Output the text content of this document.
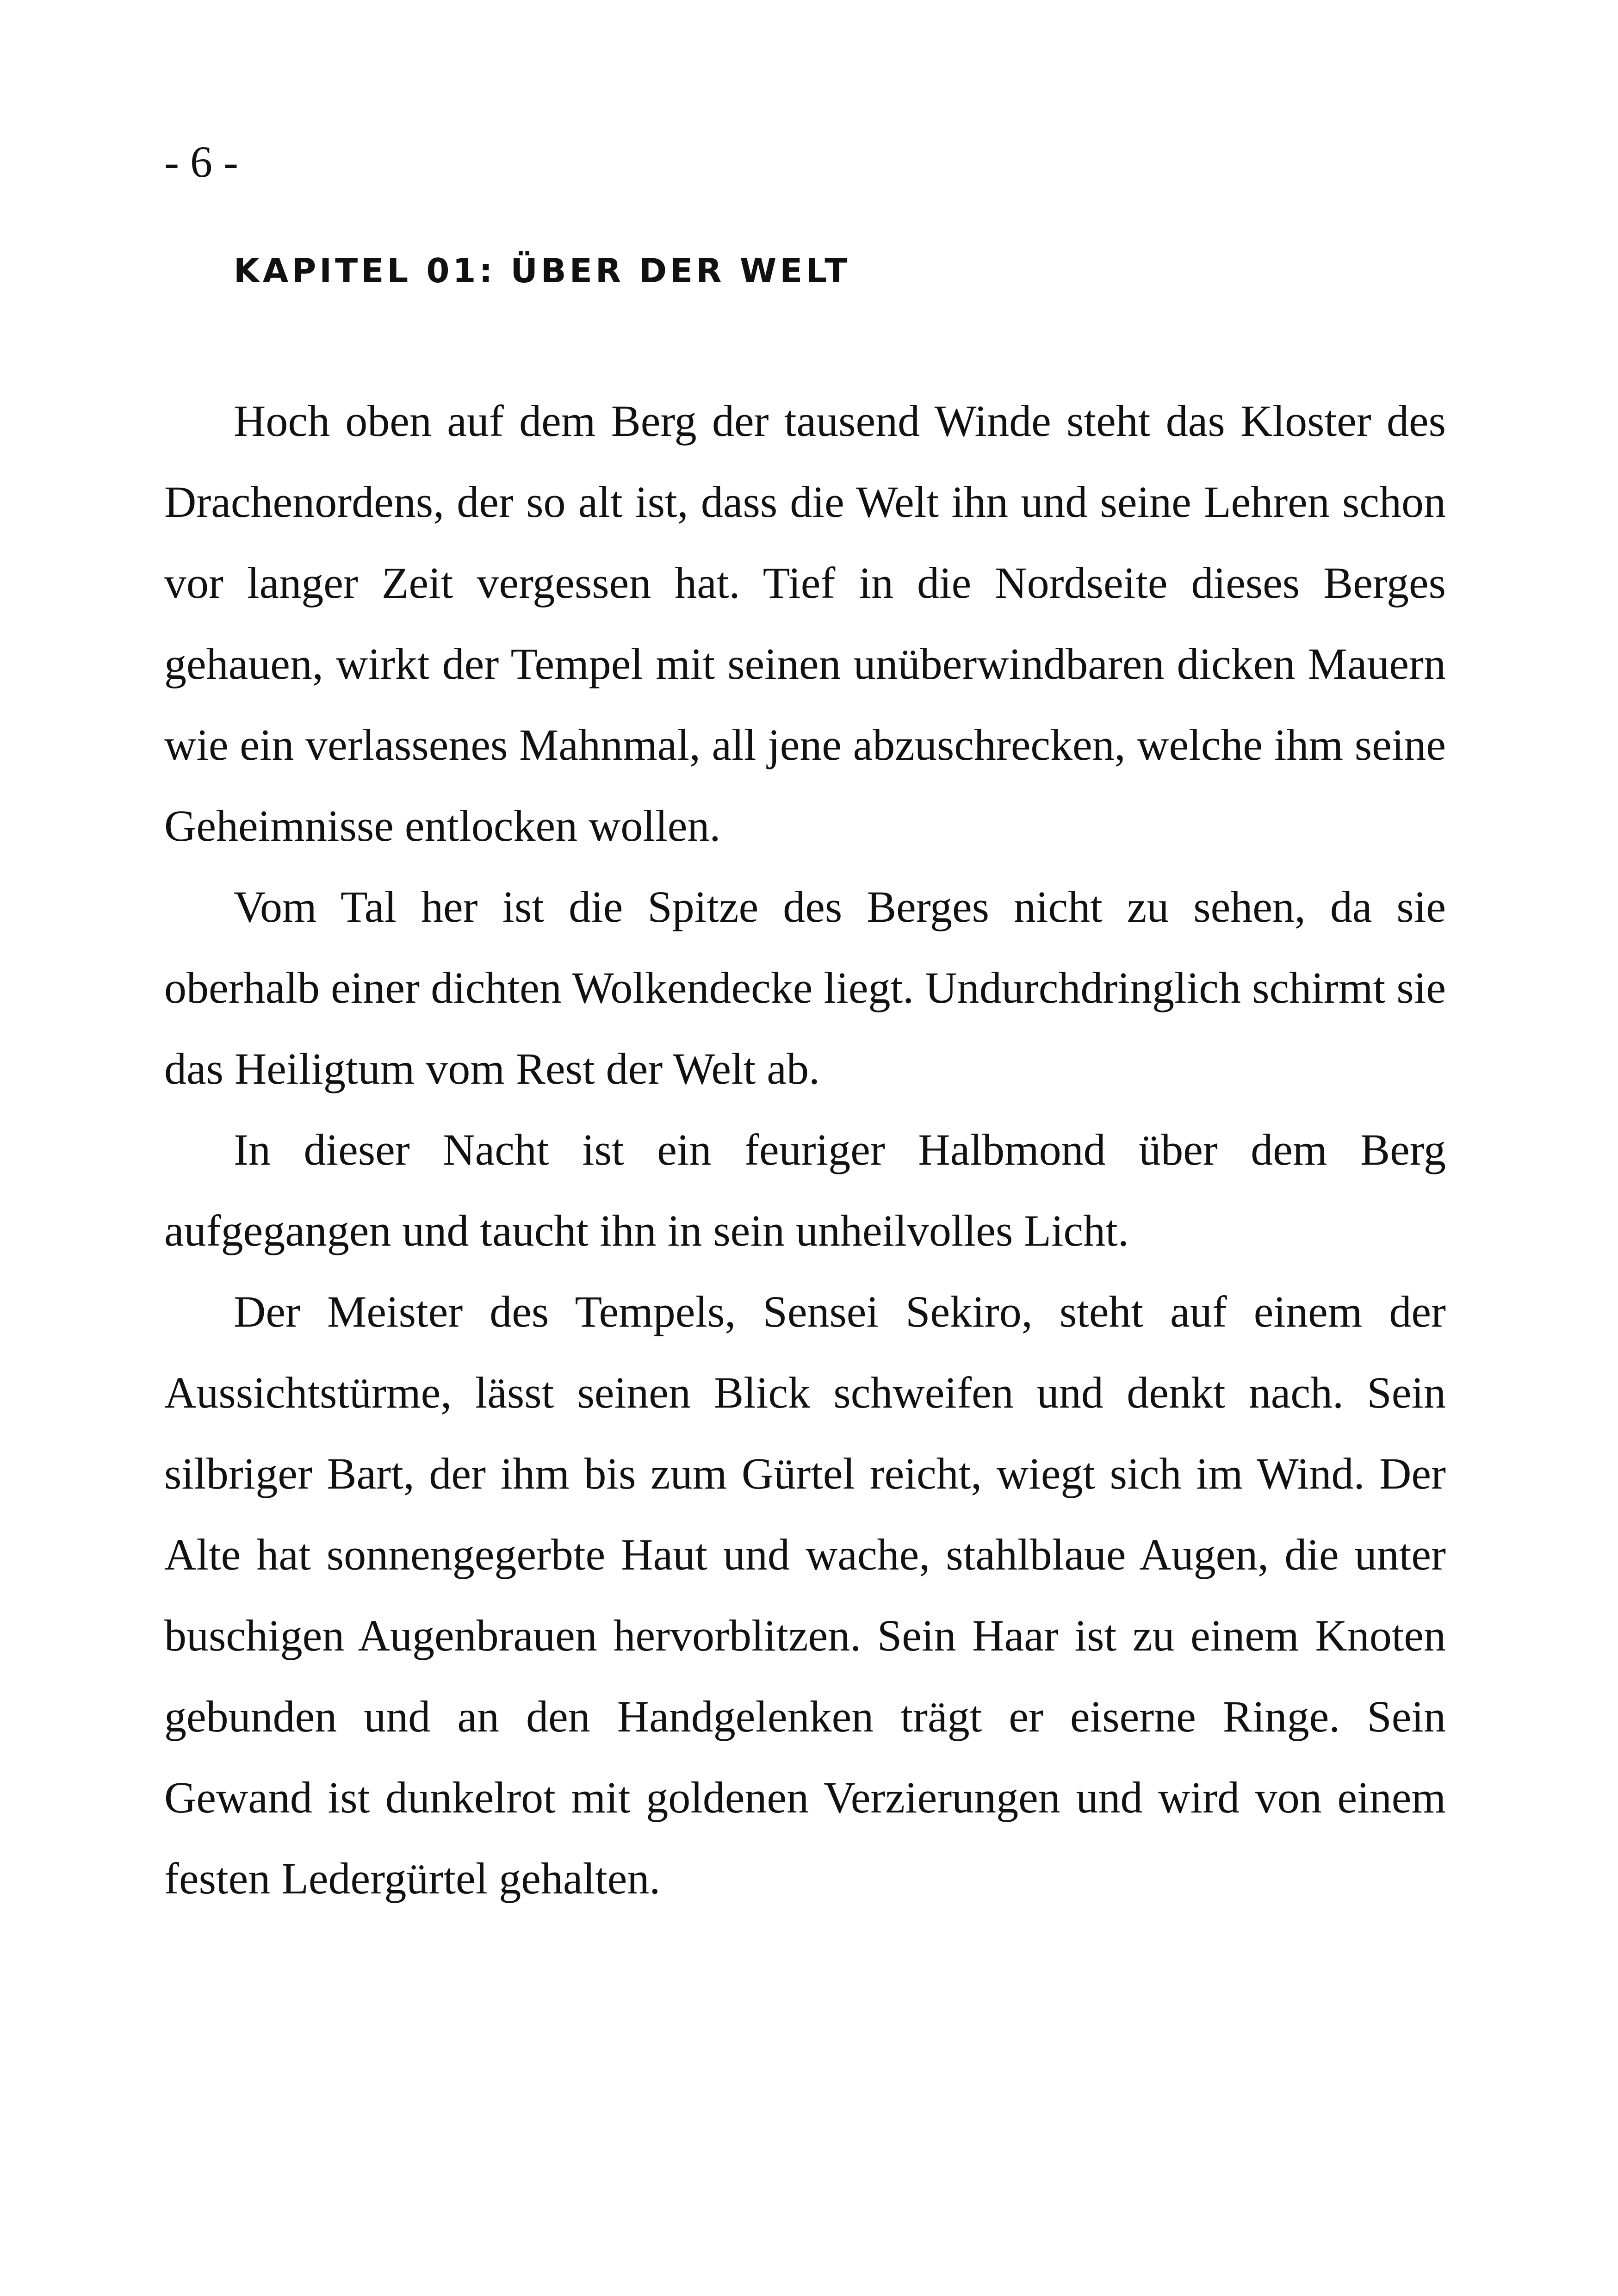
- 6 -
KAPITEL 01: ÜBER DER WELT

Hoch oben auf dem Berg der tausend Winde steht das Kloster des Drachenordens, der so alt ist, dass die Welt ihn und seine Lehren schon vor langer Zeit vergessen hat. Tief in die Nordseite dieses Berges gehauen, wirkt der Tempel mit seinen unüberwindbaren dicken Mauern wie ein verlassenes Mahnmal, all jene abzuschrecken, welche ihm seine Geheimnisse entlocken wollen.

Vom Tal her ist die Spitze des Berges nicht zu sehen, da sie oberhalb einer dichten Wolkendecke liegt. Undurchdringlich schirmt sie das Heiligtum vom Rest der Welt ab.

In dieser Nacht ist ein feuriger Halbmond über dem Berg aufgegangen und taucht ihn in sein unheilvolles Licht.

Der Meister des Tempels, Sensei Sekiro, steht auf einem der Aussichtstürme, lässt seinen Blick schweifen und denkt nach. Sein silbriger Bart, der ihm bis zum Gürtel reicht, wiegt sich im Wind. Der Alte hat sonnengegerbte Haut und wache, stahlblaue Augen, die unter buschigen Augenbrauen hervorblitzen. Sein Haar ist zu einem Knoten gebunden und an den Handgelenken trägt er eiserne Ringe. Sein Gewand ist dunkelrot mit goldenen Verzierungen und wird von einem festen Ledergürtel gehalten.
